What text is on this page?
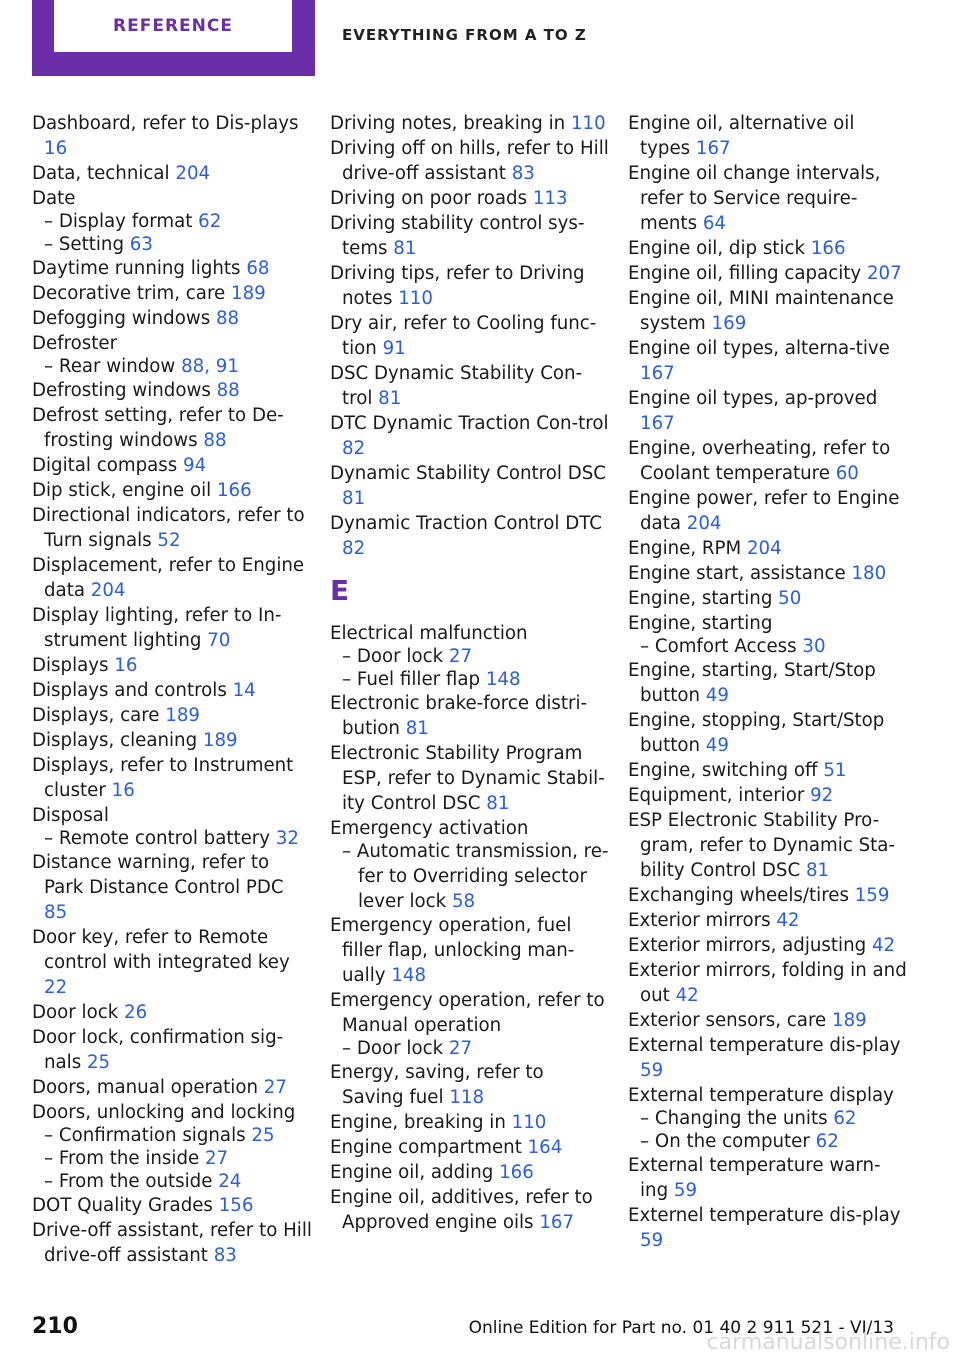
REFERENCE	EVERYTHING FROM A TO Z

Dashboard, refer to Dis-plays 16

Data, technical 204

Date

– Display format 62

– Setting 63

Daytime running lights 68

Decorative trim, care 189

Defogging windows 88

Defroster

– Rear window 88, 91

Defrosting windows 88

Defrost setting, refer to De-frosting windows 88

Digital compass 94

Dip stick, engine oil 166

Directional indicators, refer to Turn signals 52

Displacement, refer to Engine data 204

Display lighting, refer to In-strument lighting 70

Displays 16

Displays and controls 14

Displays, care 189

Displays, cleaning 189

Displays, refer to Instrument cluster 16

Disposal

– Remote control battery 32

Distance warning, refer to Park Distance Control PDC 85

Door key, refer to Remote control with integrated key 22

Door lock 26

Door lock, confirmation sig-nals 25

Doors, manual operation 27

Doors, unlocking and locking

– Confirmation signals 25

– From the inside 27

– From the outside 24

DOT Quality Grades 156

Drive-off assistant, refer to Hill drive-off assistant 83

Driving notes, breaking in 110

Driving off on hills, refer to Hill drive-off assistant 83

Driving on poor roads 113

Driving stability control sys-tems 81

Driving tips, refer to Driving notes 110

Dry air, refer to Cooling func-tion 91

DSC Dynamic Stability Con-trol 81

DTC Dynamic Traction Con-trol 82

Dynamic Stability Control DSC 81

Dynamic Traction Control DTC 82

E

Electrical malfunction

– Door lock 27

– Fuel filler flap 148

Electronic brake-force distri-bution 81

Electronic Stability Program ESP, refer to Dynamic Stabil-ity Control DSC 81

Emergency activation

– Automatic transmission, re-fer to Overriding selector lever lock 58

Emergency operation, fuel filler flap, unlocking man-ually 148

Emergency operation, refer to Manual operation

– Door lock 27

Energy, saving, refer to Saving fuel 118

Engine, breaking in 110

Engine compartment 164

Engine oil, adding 166

Engine oil, additives, refer to Approved engine oils 167

Engine oil, alternative oil types 167

Engine oil change intervals, refer to Service require-ments 64

Engine oil, dip stick 166

Engine oil, filling capacity 207

Engine oil, MINI maintenance system 169

Engine oil types, alterna-tive 167

Engine oil types, ap-proved 167

Engine, overheating, refer to Coolant temperature 60

Engine power, refer to Engine data 204

Engine, RPM 204

Engine start, assistance 180

Engine, starting 50

Engine, starting

– Comfort Access 30

Engine, starting, Start/Stop button 49

Engine, stopping, Start/Stop button 49

Engine, switching off 51

Equipment, interior 92

ESP Electronic Stability Pro-gram, refer to Dynamic Sta-bility Control DSC 81

Exchanging wheels/tires 159

Exterior mirrors 42

Exterior mirrors, adjusting 42

Exterior mirrors, folding in and out 42

Exterior sensors, care 189

External temperature dis-play 59

External temperature display

– Changing the units 62

– On the computer 62

External temperature warn-ing 59

Externel temperature dis-play 59

210	Online Edition for Part no. 01 40 2 911 521 - VI/13
carmanualsonline.info
